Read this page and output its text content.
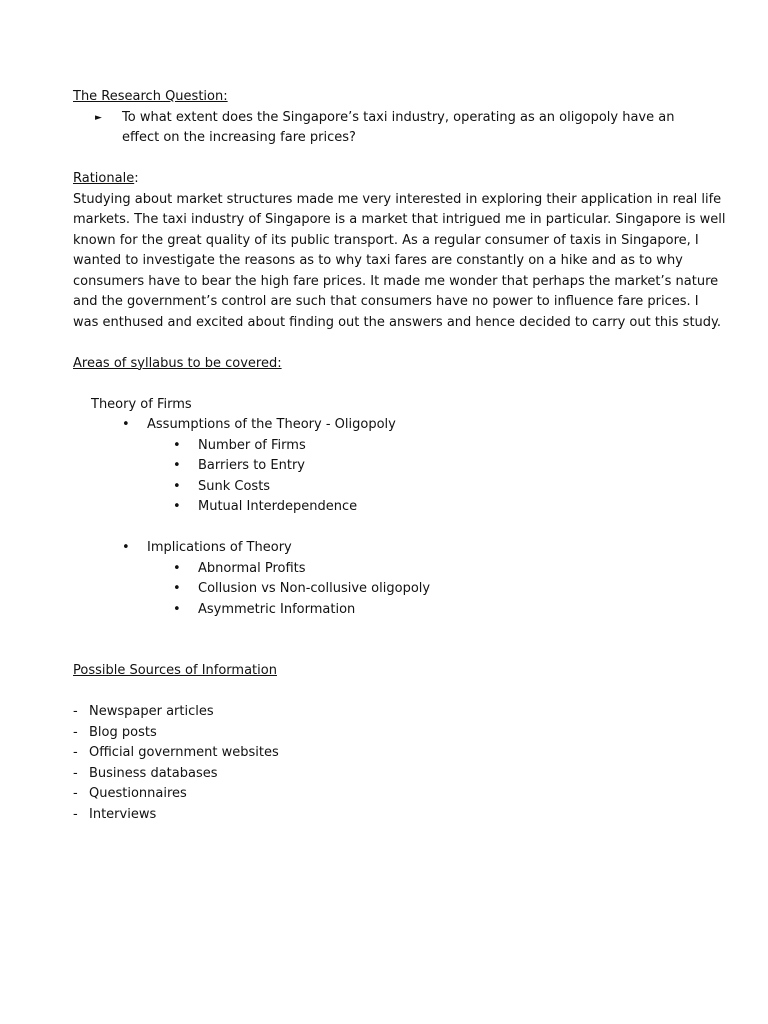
The Research Question:
►	To what extent does the Singapore’s taxi industry, operating as an oligopoly have an effect on the increasing fare prices?
Rationale:
Studying about market structures made me very interested in exploring their application in real life
markets. The taxi industry of Singapore is a market that intrigued me in particular. Singapore is well
known for the great quality of its public transport. As a regular consumer of taxis in Singapore, I
wanted to investigate the reasons as to why taxi fares are constantly on a hike and as to why
consumers have to bear the high fare prices. It made me wonder that perhaps the market’s nature
and the government’s control are such that consumers have no power to influence fare prices. I
was enthused and excited about finding out the answers and hence decided to carry out this study.
Areas of syllabus to be covered:
Theory of Firms
•	Assumptions of the Theory - Oligopoly
•	Number of Firms
•	Barriers to Entry
•	Sunk Costs
•	Mutual Interdependence
•	Implications of Theory
•	Abnormal Profits
•	Collusion vs Non-collusive oligopoly
•	Asymmetric Information
Possible Sources of Information
- Newspaper articles
- Blog posts
- Official government websites
- Business databases
- Questionnaires
- Interviews
